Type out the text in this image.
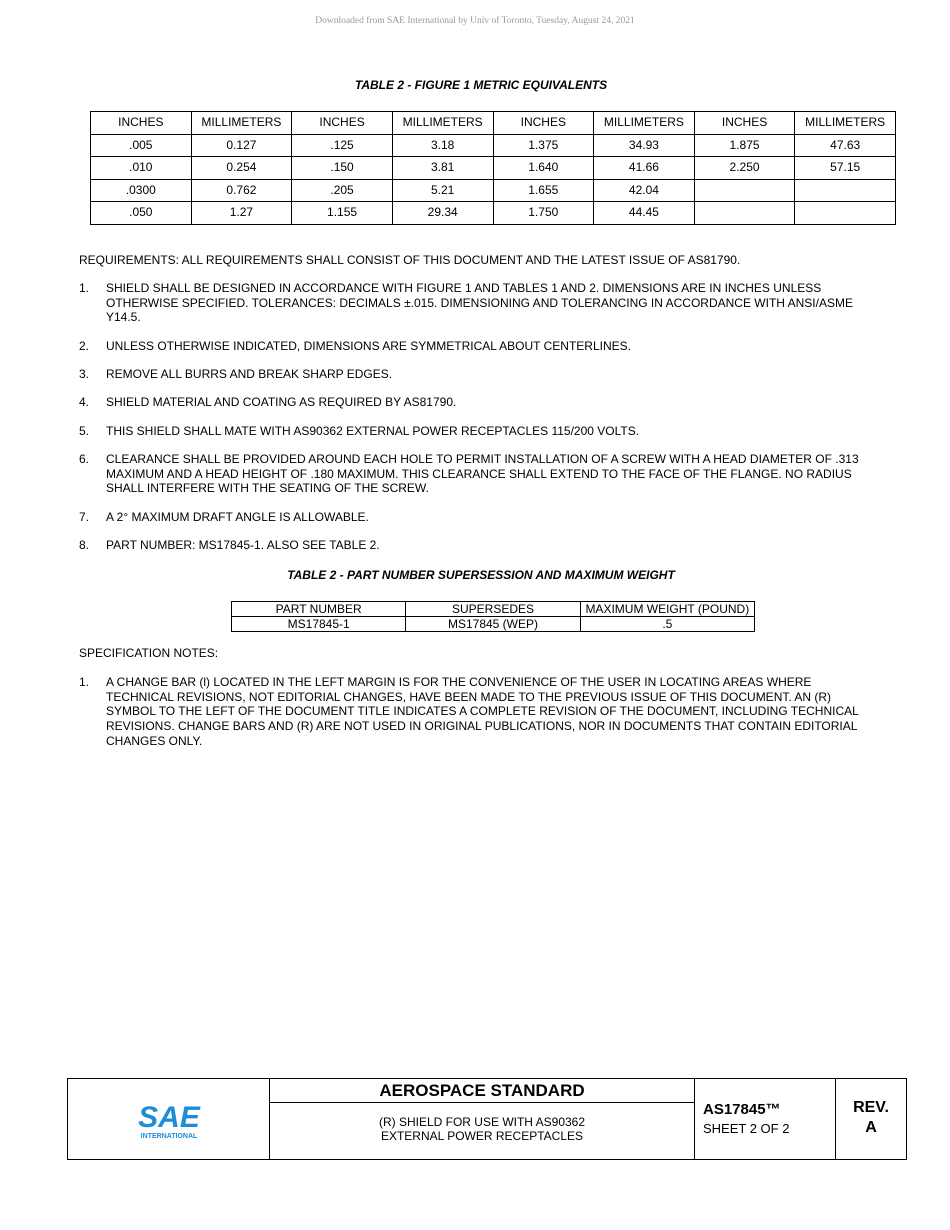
Downloaded from SAE International by Univ of Toronto, Tuesday, August 24, 2021
TABLE 2 - FIGURE 1 METRIC EQUIVALENTS
INCHES	MILLIMETERS	INCHES	MILLIMETERS	INCHES	MILLIMETERS	INCHES	MILLIMETERS
.005	0.127	.125	3.18	1.375	34.93	1.875	47.63
.010	0.254	.150	3.81	1.640	41.66	2.250	57.15
.0300	0.762	.205	5.21	1.655	42.04		
.050	1.27	1.155	29.34	1.750	44.45		
REQUIREMENTS: ALL REQUIREMENTS SHALL CONSIST OF THIS DOCUMENT AND THE LATEST ISSUE OF AS81790.
1. SHIELD SHALL BE DESIGNED IN ACCORDANCE WITH FIGURE 1 AND TABLES 1 AND 2. DIMENSIONS ARE IN INCHES UNLESS OTHERWISE SPECIFIED. TOLERANCES: DECIMALS ±.015. DIMENSIONING AND TOLERANCING IN ACCORDANCE WITH ANSI/ASME Y14.5.
2. UNLESS OTHERWISE INDICATED, DIMENSIONS ARE SYMMETRICAL ABOUT CENTERLINES.
3. REMOVE ALL BURRS AND BREAK SHARP EDGES.
4. SHIELD MATERIAL AND COATING AS REQUIRED BY AS81790.
5. THIS SHIELD SHALL MATE WITH AS90362 EXTERNAL POWER RECEPTACLES 115/200 VOLTS.
6. CLEARANCE SHALL BE PROVIDED AROUND EACH HOLE TO PERMIT INSTALLATION OF A SCREW WITH A HEAD DIAMETER OF .313 MAXIMUM AND A HEAD HEIGHT OF .180 MAXIMUM. THIS CLEARANCE SHALL EXTEND TO THE FACE OF THE FLANGE. NO RADIUS SHALL INTERFERE WITH THE SEATING OF THE SCREW.
7. A 2° MAXIMUM DRAFT ANGLE IS ALLOWABLE.
8. PART NUMBER: MS17845-1. ALSO SEE TABLE 2.
TABLE 2 - PART NUMBER SUPERSESSION AND MAXIMUM WEIGHT
PART NUMBER	SUPERSEDES	MAXIMUM WEIGHT (POUND)
MS17845-1	MS17845 (WEP)	.5
SPECIFICATION NOTES:
1. A CHANGE BAR (l) LOCATED IN THE LEFT MARGIN IS FOR THE CONVENIENCE OF THE USER IN LOCATING AREAS WHERE TECHNICAL REVISIONS, NOT EDITORIAL CHANGES, HAVE BEEN MADE TO THE PREVIOUS ISSUE OF THIS DOCUMENT. AN (R) SYMBOL TO THE LEFT OF THE DOCUMENT TITLE INDICATES A COMPLETE REVISION OF THE DOCUMENT, INCLUDING TECHNICAL REVISIONS. CHANGE BARS AND (R) ARE NOT USED IN ORIGINAL PUBLICATIONS, NOR IN DOCUMENTS THAT CONTAIN EDITORIAL CHANGES ONLY.
SAE
INTERNATIONAL
AEROSPACE STANDARD
(R) SHIELD FOR USE WITH AS90362
EXTERNAL POWER RECEPTACLES
AS17845™
SHEET 2 OF 2
REV.
A
